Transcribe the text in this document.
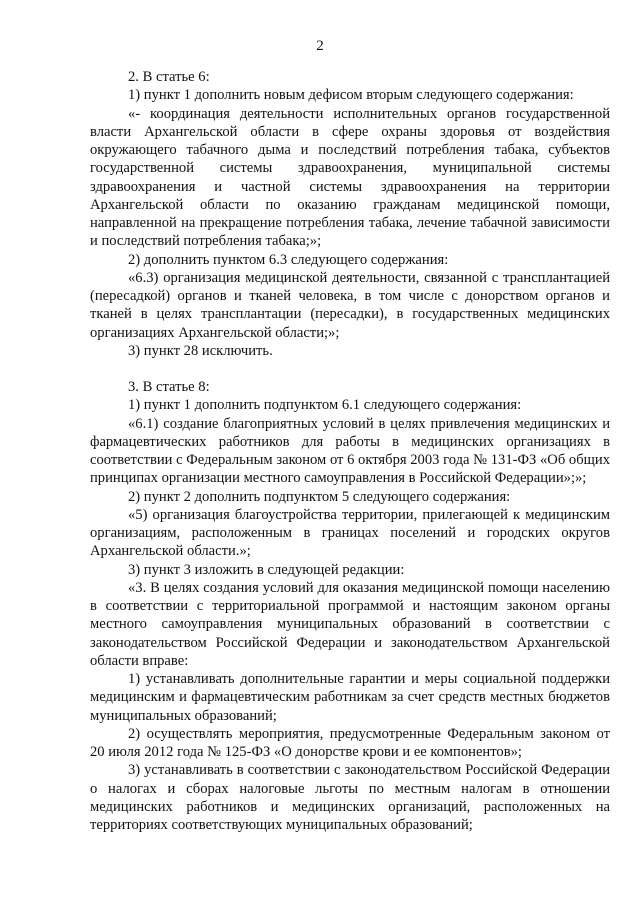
2

2. В статье 6:

1) пункт 1 дополнить новым дефисом вторым следующего содержания:

«- координация деятельности исполнительных органов государственной власти Архангельской области в сфере охраны здоровья от воздействия окружающего табачного дыма и последствий потребления табака, субъектов государственной системы здравоохранения, муниципальной системы здравоохранения и частной системы здравоохранения на территории Архангельской области по оказанию гражданам медицинской помощи, направленной на прекращение потребления табака, лечение табачной зависимости и последствий потребления табака;»;

2) дополнить пунктом 6.3 следующего содержания:

«6.3) организация медицинской деятельности, связанной с трансплантацией (пересадкой) органов и тканей человека, в том числе с донорством органов и тканей в целях трансплантации (пересадки), в государственных медицинских организациях Архангельской области;»;

3) пункт 28 исключить.

3. В статье 8:

1) пункт 1 дополнить подпунктом 6.1 следующего содержания:

«6.1) создание благоприятных условий в целях привлечения медицинских и фармацевтических работников для работы в медицинских организациях в соответствии с Федеральным законом от 6 октября 2003 года № 131-ФЗ «Об общих принципах организации местного самоуправления в Российской Федерации»;»;

2) пункт 2 дополнить подпунктом 5 следующего содержания:

«5) организация благоустройства территории, прилегающей к медицинским организациям, расположенным в границах поселений и городских округов Архангельской области.»;

3) пункт 3 изложить в следующей редакции:

«3. В целях создания условий для оказания медицинской помощи населению в соответствии с территориальной программой и настоящим законом органы местного самоуправления муниципальных образований в соответствии с законодательством Российской Федерации и законодательством Архангельской области вправе:

1) устанавливать дополнительные гарантии и меры социальной поддержки медицинским и фармацевтическим работникам за счет средств местных бюджетов муниципальных образований;

2) осуществлять мероприятия, предусмотренные Федеральным законом от 20 июля 2012 года № 125-ФЗ «О донорстве крови и ее компонентов»;

3) устанавливать в соответствии с законодательством Российской Федерации о налогах и сборах налоговые льготы по местным налогам в отношении медицинских работников и медицинских организаций, расположенных на территориях соответствующих муниципальных образований;
